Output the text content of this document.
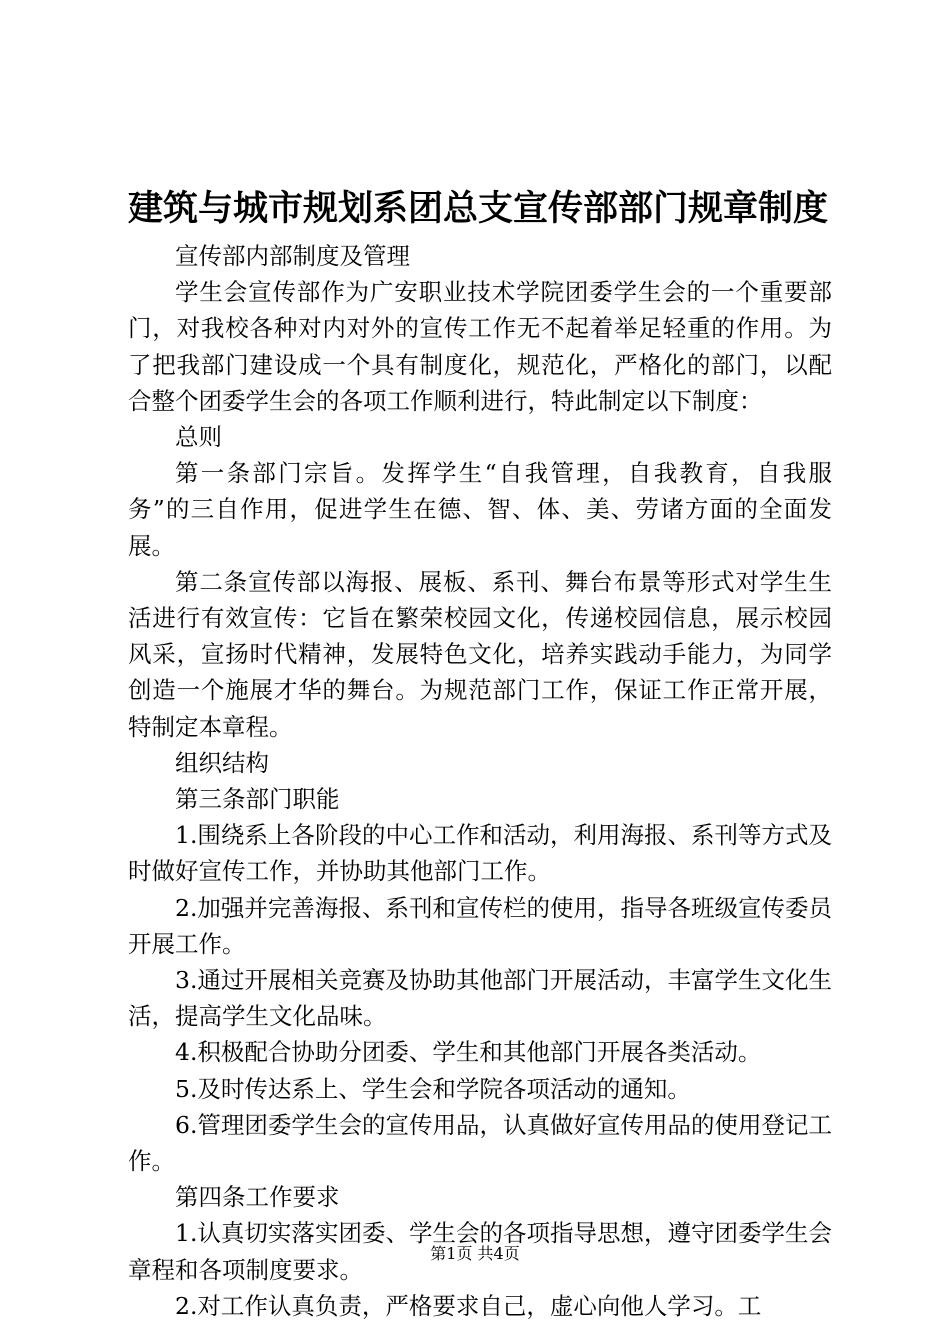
建筑与城市规划系团总支宣传部部门规章制度

宣传部内部制度及管理

学生会宣传部作为广安职业技术学院团委学生会的一个重要部门，对我校各种对内对外的宣传工作无不起着举足轻重的作用。为了把我部门建设成一个具有制度化，规范化，严格化的部门，以配合整个团委学生会的各项工作顺利进行，特此制定以下制度：

总则

第一条部门宗旨。发挥学生“自我管理，自我教育，自我服务”的三自作用，促进学生在德、智、体、美、劳诸方面的全面发展。

第二条宣传部以海报、展板、系刊、舞台布景等形式对学生生活进行有效宣传：它旨在繁荣校园文化，传递校园信息，展示校园风采，宣扬时代精神，发展特色文化，培养实践动手能力，为同学创造一个施展才华的舞台。为规范部门工作，保证工作正常开展，特制定本章程。

组织结构

第三条部门职能

1.围绕系上各阶段的中心工作和活动，利用海报、系刊等方式及时做好宣传工作，并协助其他部门工作。

2.加强并完善海报、系刊和宣传栏的使用，指导各班级宣传委员开展工作。

3.通过开展相关竞赛及协助其他部门开展活动，丰富学生文化生活，提高学生文化品味。

4.积极配合协助分团委、学生和其他部门开展各类活动。

5.及时传达系上、学生会和学院各项活动的通知。

6.管理团委学生会的宣传用品，认真做好宣传用品的使用登记工作。

第四条工作要求

1.认真切实落实团委、学生会的各项指导思想，遵守团委学生会章程和各项制度要求。

2.对工作认真负责，严格要求自己，虚心向他人学习。工

第1页 共4页
